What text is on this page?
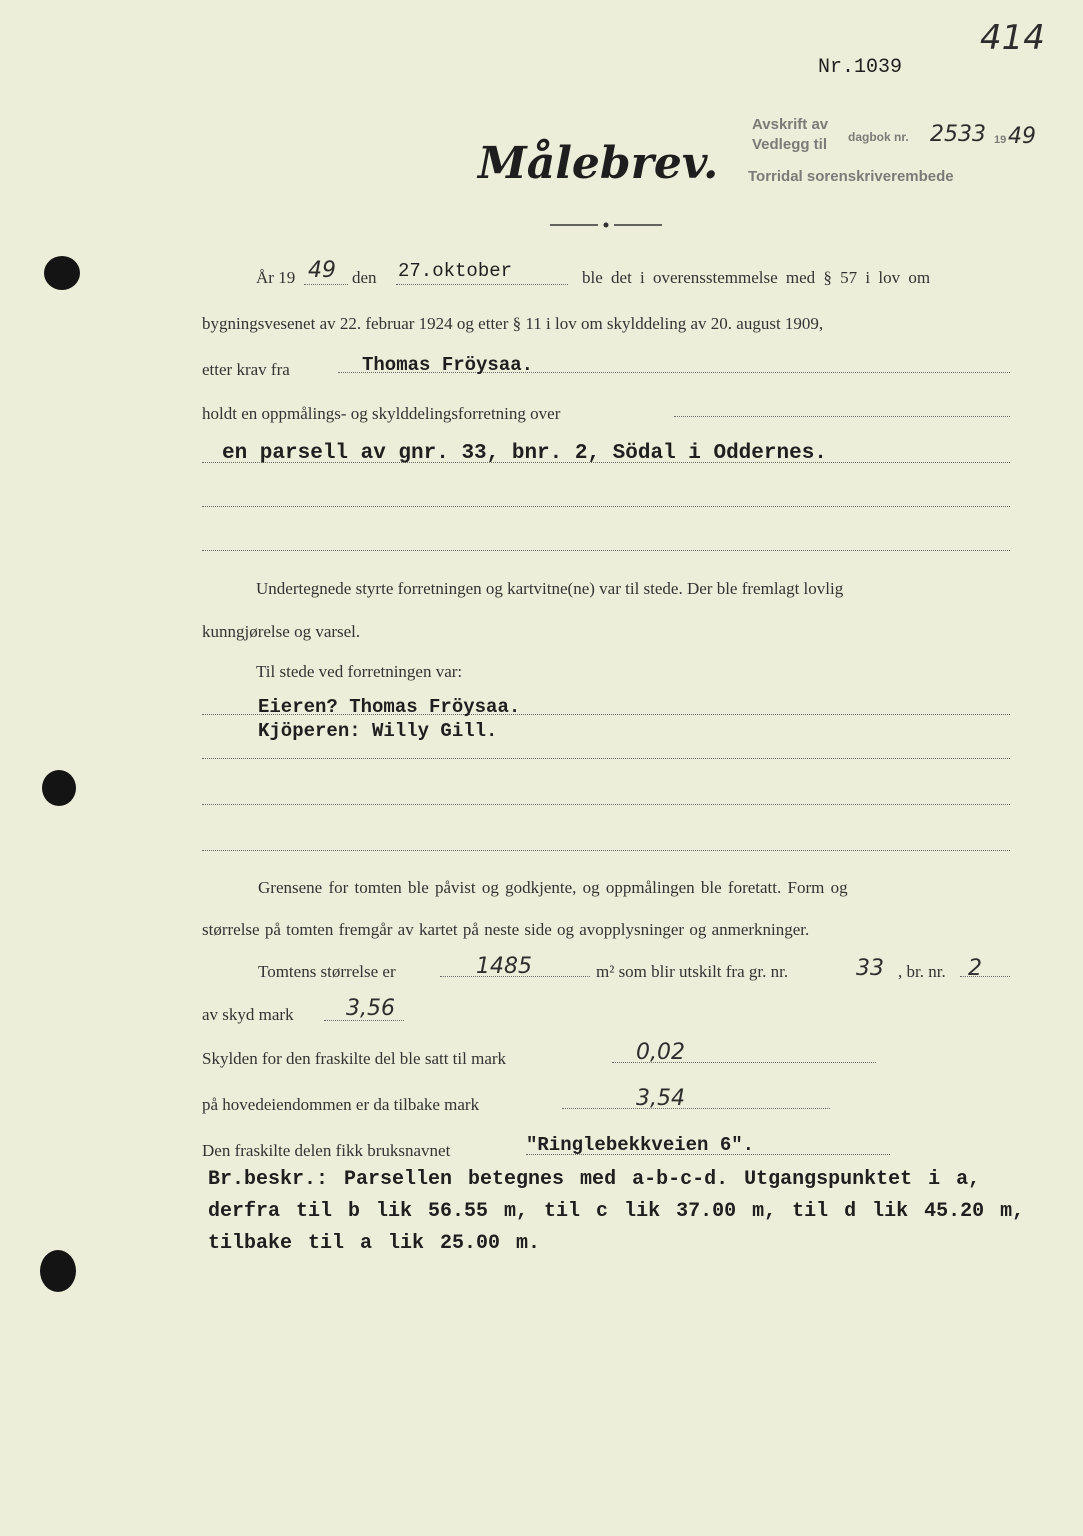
414
Nr.1039
Målebrev.
Avskrift av
Vedlegg til dagbok nr. 2533 19 49
Torridal sorenskriverembede
År 19 49 den 27.oktober	ble det i overensstemmelse med § 57 i lov om
bygningsvesenet av 22. februar 1924 og etter § 11 i lov om skylddeling av 20. august 1909,
etter krav fra	Thomas Fröysaa.
holdt en oppmålings- og skylddelingsforretning over
en parsell av gnr. 33, bnr. 2, Södal i Oddernes.
Undertegnede styrte forretningen og kartvitne(ne) var til stede. Der ble fremlagt lovlig
kunngjørelse og varsel.
Til stede ved forretningen var:
Eieren? Thomas Fröysaa.
Kjöperen: Willy Gill.
Grensene for tomten ble påvist og godkjente, og oppmålingen ble foretatt. Form og
størrelse på tomten fremgår av kartet på neste side og avopplysninger og anmerkninger.
Tomtens størrelse er	1485	m² som blir utskilt fra gr. nr.	33 , br. nr. 2
av skyd mark 3,56
Skylden for den fraskilte del ble satt til mark	0,02
på hovedeiendommen er da tilbake mark	3,54
Den fraskilte delen fikk bruksnavnet	"Ringlebekkveien 6".
Br.beskr.: Parsellen betegnes med a-b-c-d. Utgangspunktet i a,
derfra til b lik 56.55 m, til c lik 37.00 m, til d lik 45.20 m,
tilbake til a lik 25.00 m.
